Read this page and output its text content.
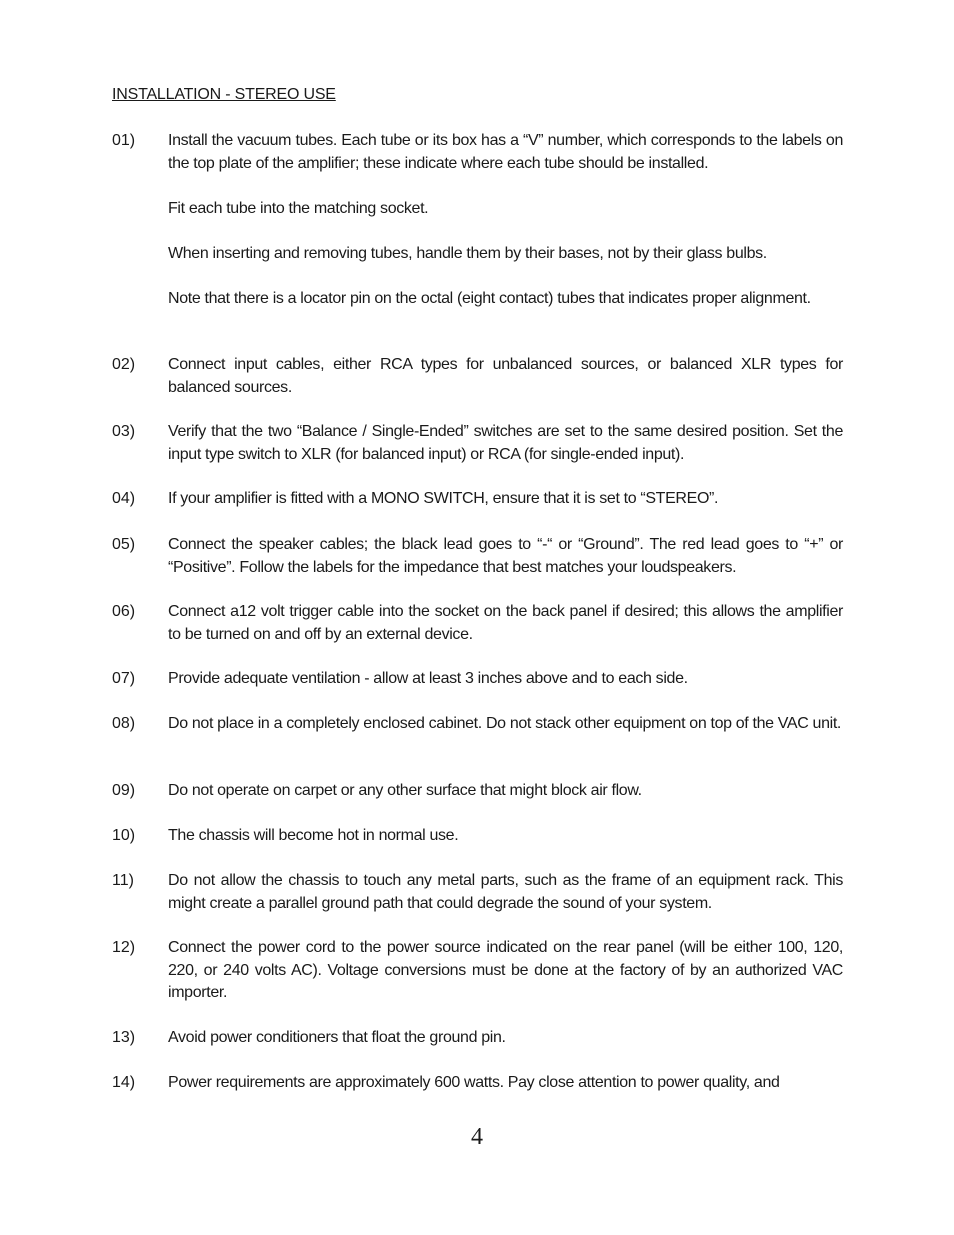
INSTALLATION - STEREO USE
01) Install the vacuum tubes. Each tube or its box has a “V” number, which corresponds to the labels on the top plate of the amplifier; these indicate where each tube should be installed.
Fit each tube into the matching socket.
When inserting and removing tubes, handle them by their bases, not by their glass bulbs.
Note that there is a locator pin on the octal (eight contact) tubes that indicates proper alignment.
02) Connect input cables, either RCA types for unbalanced sources, or balanced XLR types for balanced sources.
03) Verify that the two “Balance / Single-Ended” switches are set to the same desired position. Set the input type switch to XLR (for balanced input) or RCA (for single-ended input).
04) If your amplifier is fitted with a MONO SWITCH, ensure that it is set to “STEREO”.
05) Connect the speaker cables; the black lead goes to “-“ or “Ground”. The red lead goes to “+” or “Positive”. Follow the labels for the impedance that best matches your loudspeakers.
06) Connect a12 volt trigger cable into the socket on the back panel if desired; this allows the amplifier to be turned on and off by an external device.
07) Provide adequate ventilation - allow at least 3 inches above and to each side.
08) Do not place in a completely enclosed cabinet. Do not stack other equipment on top of the VAC unit.
09) Do not operate on carpet or any other surface that might block air flow.
10) The chassis will become hot in normal use.
11) Do not allow the chassis to touch any metal parts, such as the frame of an equipment rack. This might create a parallel ground path that could degrade the sound of your system.
12) Connect the power cord to the power source indicated on the rear panel (will be either 100, 120, 220, or 240 volts AC). Voltage conversions must be done at the factory of by an authorized VAC importer.
13) Avoid power conditioners that float the ground pin.
14) Power requirements are approximately 600 watts. Pay close attention to power quality, and
4
